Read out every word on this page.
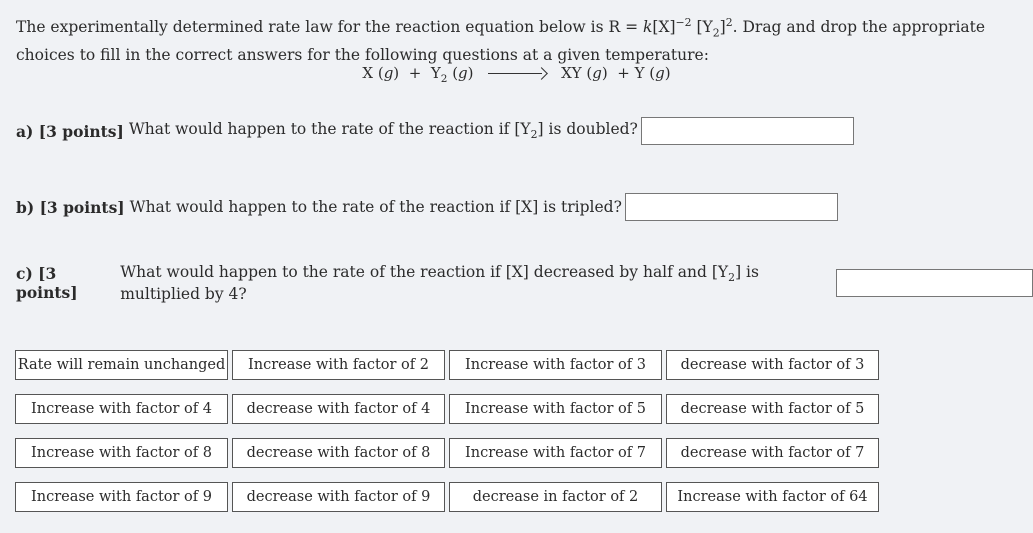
The experimentally determined rate law for the reaction equation below is $R = k[X]^{-2}$ $[Y_2]^2$. Drag and drop the appropriate choices to fill in the correct answers for the following questions at a given temperature:
X $(g) + Y_2$ (g)	XY (g) + Y (g)
a) [3 points] What would happen to the rate of the reaction if $[Y_2]$ is doubled?
b) [3 points] What would happen to the rate of the reaction if [X] is tripled?
c) [3 points]
What would happen to the rate of the reaction if [X] decreased by half and $[Y_2]$ is multiplied by 4?
Rate will remain unchanged	Increase with factor of 2	Increase with factor of 3	decrease with factor of 3
Increase with factor of 4	decrease with factor of 4	Increase with factor of 5	decrease with factor of 5
Increase with factor of 8	decrease with factor of 8	Increase with factor of 7	decrease with factor of 7
Increase with factor of 9	decrease with factor of 9	decrease in factor of 2	Increase with factor of 64
